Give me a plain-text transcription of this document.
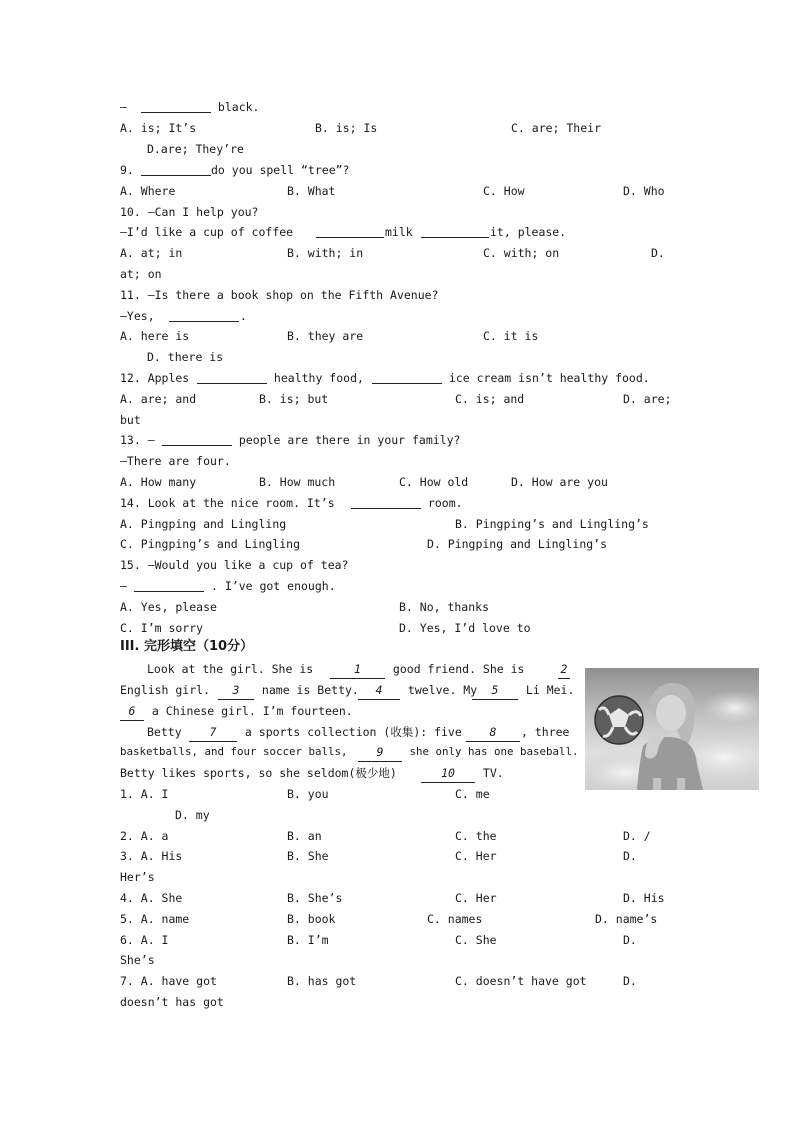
—	black.
A. is; It’s	B. is; Is	C. are; Their
D.are; They’re
9.	do you spell “tree”?
A. Where	B. What	C. How	D. Who
10. —Can I help you?
—I’d like a cup of coffee	milk	it, please.
A. at; in	B. with; in	C. with; on	D.
at; on
11. —Is there a book shop on the Fifth Avenue?
—Yes,	.
A. here is	B. they are	C. it is
D. there is
12. Apples	healthy food,	ice cream isn’t healthy food.
A. are; and	B. is; but	C. is; and	D. are;
but
13. —	people are there in your family?
—There are four.
A. How many	B. How much	C. How old	D. How are you
14. Look at the nice room. It’s	room.
A. Pingping and Lingling	B. Pingping’s and Lingling’s
C. Pingping’s and Lingling	D. Pingping and Lingling’s
15. —Would you like a cup of tea?
—	. I’ve got enough.
A. Yes, please	B. No, thanks
C. I’m sorry	D. Yes, I’d love to
III. 完形填空（10分）
Look at the girl. She is	1	good friend. She is	2
English girl.	3	name is Betty. 4	twelve. My 5	Li Mei.
6 a Chinese girl. I’m fourteen.
Betty	7	a sports collection (收集): five	8	, three
basketballs, and four soccer balls,	9	she only has one baseball.
Betty likes sports, so she seldom(极少地)	10	TV.
1. A. I	B. you	C. me
D. my
2. A. a	B. an	C. the	D. /
3. A. His	B. She	C. Her	D.
Her’s
4. A. She	B. She’s	C. Her	D. His
5. A. name	B. book	C. names	D. name’s
6. A. I	B. I’m	C. She	D.
She’s
7. A. have got	B. has got	C. doesn’t have got	D.
doesn’t has got
